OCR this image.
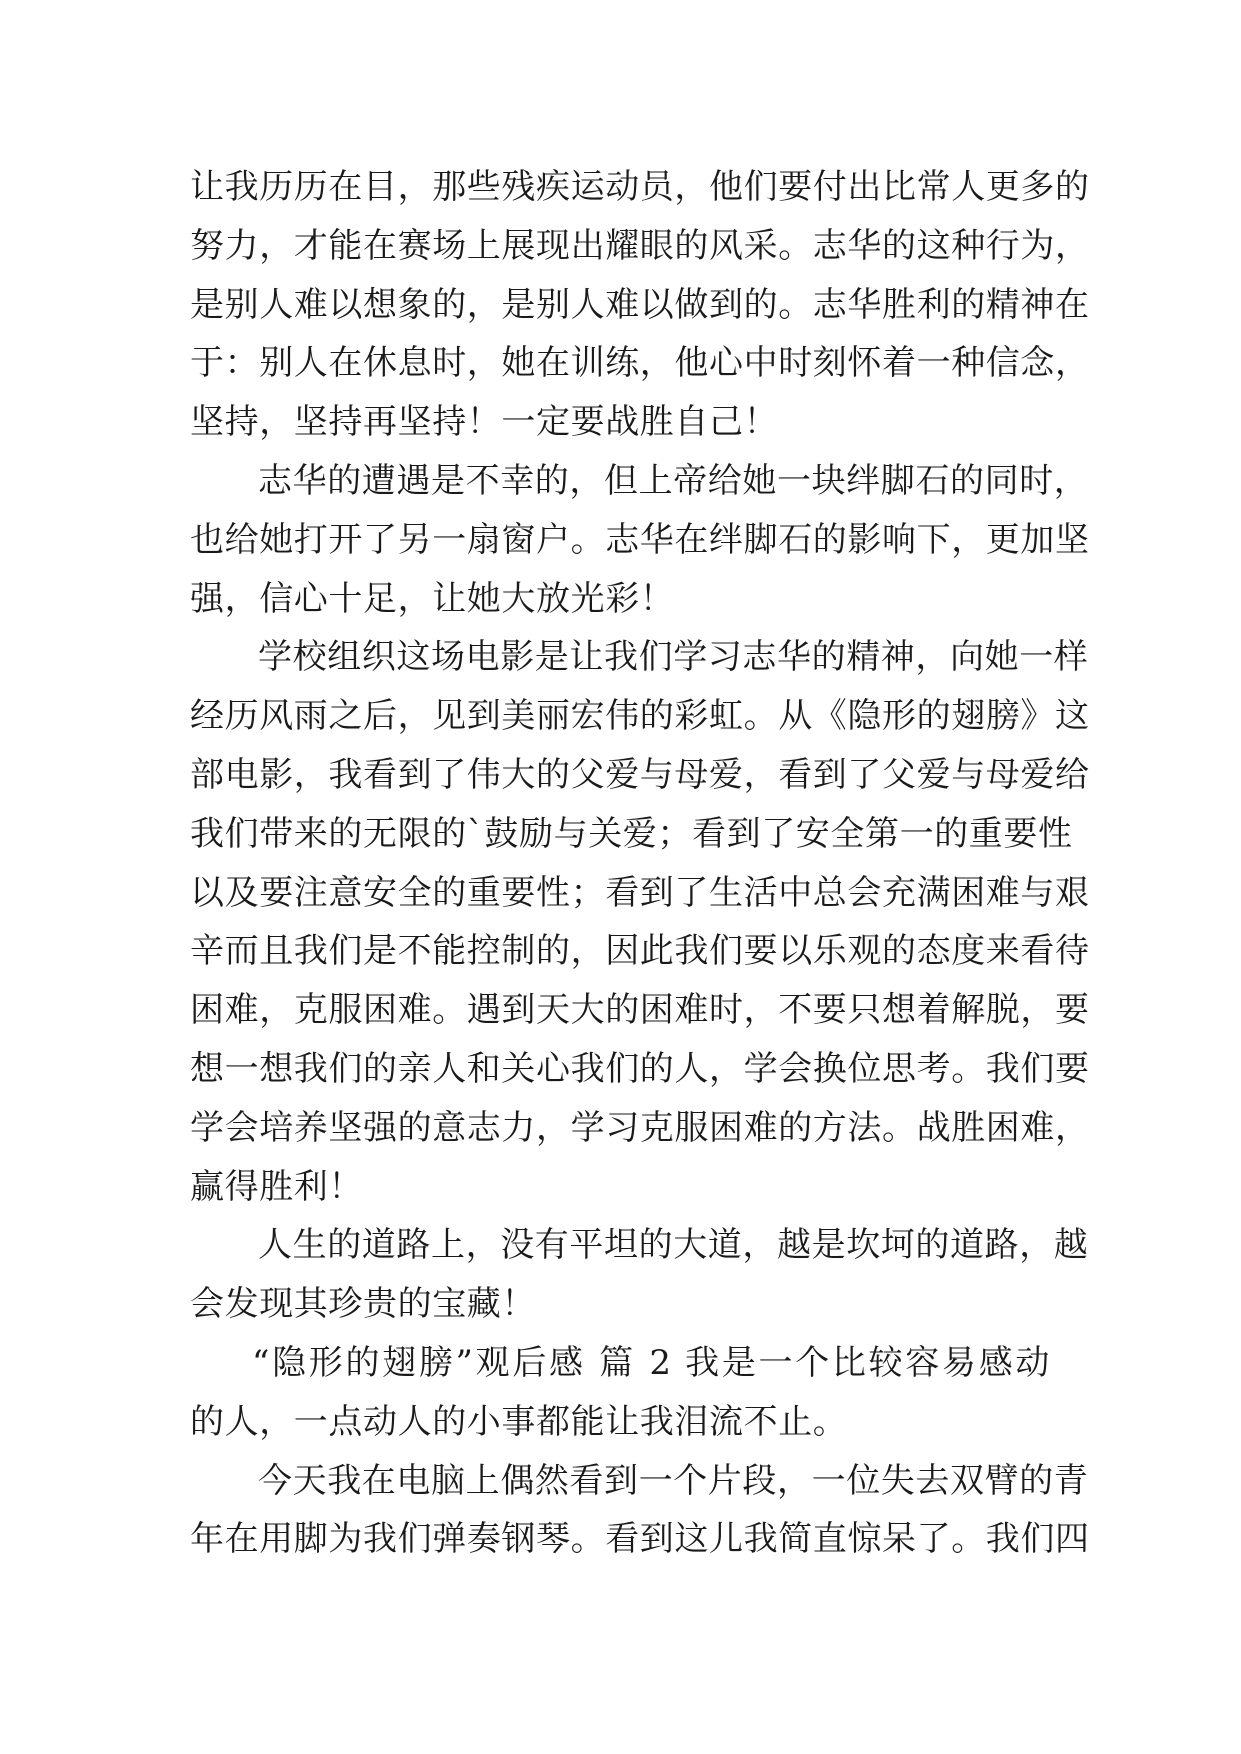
让我历历在目，那些残疾运动员，他们要付出比常人更多的
努力，才能在赛场上展现出耀眼的风采。志华的这种行为，
是别人难以想象的，是别人难以做到的。志华胜利的精神在
于：别人在休息时，她在训练，他心中时刻怀着一种信念，
坚持，坚持再坚持！一定要战胜自己！
志华的遭遇是不幸的，但上帝给她一块绊脚石的同时，
也给她打开了另一扇窗户。志华在绊脚石的影响下，更加坚
强，信心十足，让她大放光彩！
学校组织这场电影是让我们学习志华的精神，向她一样
经历风雨之后，见到美丽宏伟的彩虹。从《隐形的翅膀》这
部电影，我看到了伟大的父爱与母爱，看到了父爱与母爱给
我们带来的无限的`鼓励与关爱；看到了安全第一的重要性
以及要注意安全的重要性；看到了生活中总会充满困难与艰
辛而且我们是不能控制的，因此我们要以乐观的态度来看待
困难，克服困难。遇到天大的困难时，不要只想着解脱，要
想一想我们的亲人和关心我们的人，学会换位思考。我们要
学会培养坚强的意志力，学习克服困难的方法。战胜困难，
赢得胜利！
人生的道路上，没有平坦的大道，越是坎坷的道路，越
会发现其珍贵的宝藏！
“隐形的翅膀”观后感 篇 2 我是一个比较容易感动
的人，一点动人的小事都能让我泪流不止。
今天我在电脑上偶然看到一个片段，一位失去双臂的青
年在用脚为我们弹奏钢琴。看到这儿我简直惊呆了。我们四
